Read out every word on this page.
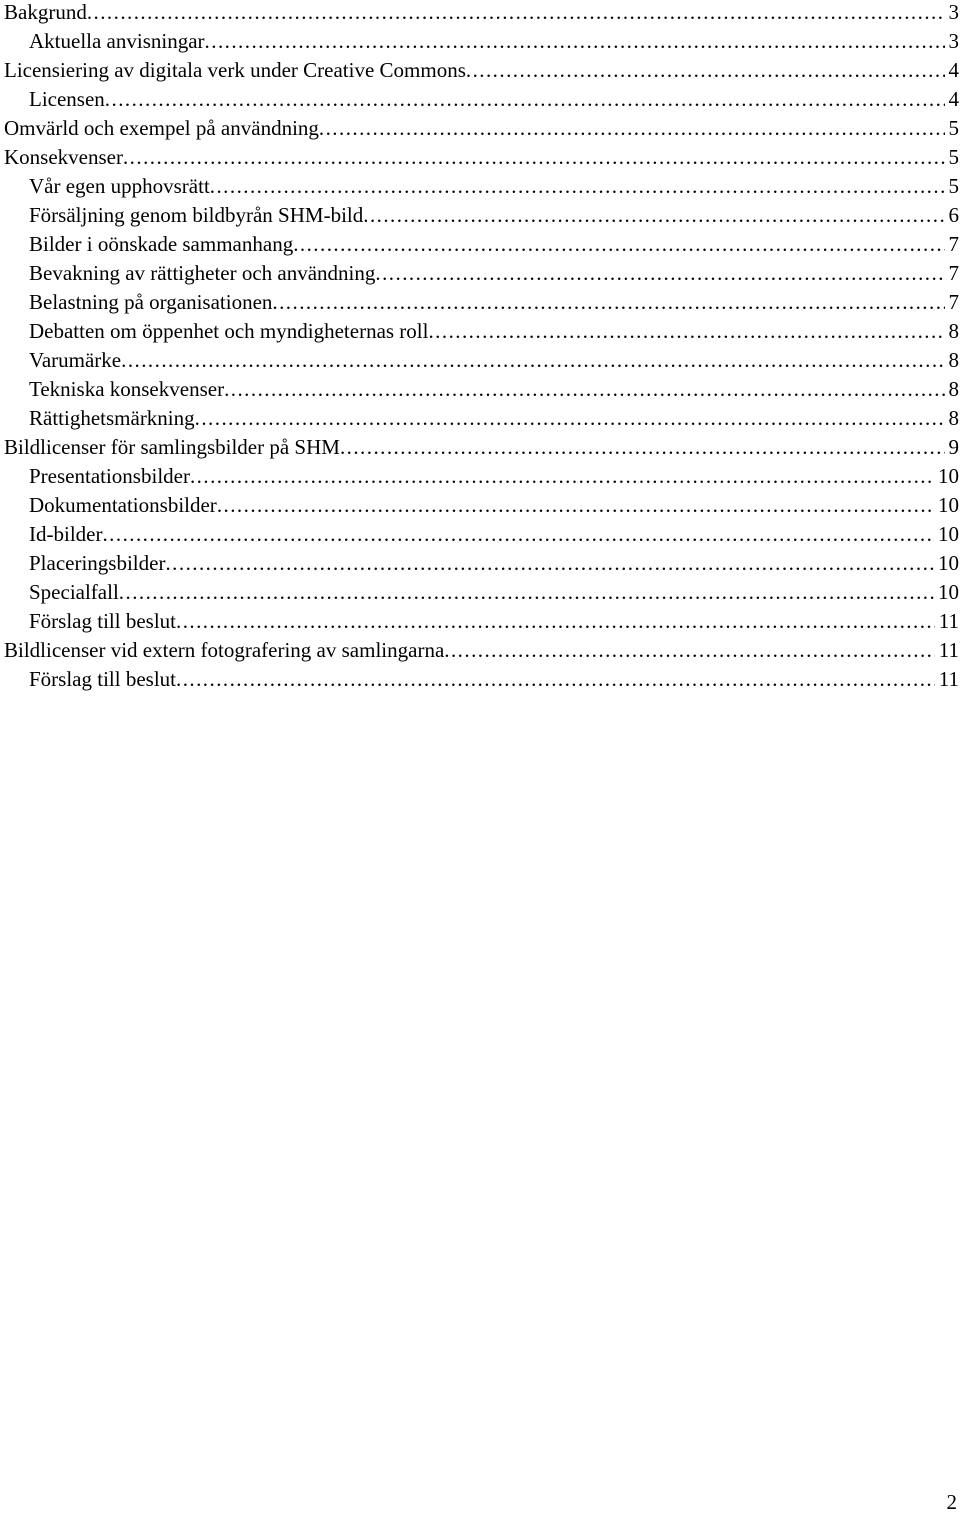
Bakgrund . . .	3
Aktuella anvisningar . . .	3
Licensiering av digitala verk under Creative Commons . . .	4
Licensen . . .	4
Omvärld och exempel på användning . . .	5
Konsekvenser . . .	5
Vår egen upphovsrätt . . .	5
Försäljning genom bildbyrån SHM-bild . . .	6
Bilder i oönskade sammanhang . . .	7
Bevakning av rättigheter och användning . . .	7
Belastning på organisationen . . .	7
Debatten om öppenhet och myndigheternas roll . . .	8
Varumärke . . .	8
Tekniska konsekvenser . . .	8
Rättighetsmärkning . . .	8
Bildlicenser för samlingsbilder på SHM . . .	9
Presentationsbilder . . .	10
Dokumentationsbilder . . .	10
Id-bilder . . .	10
Placeringsbilder . . .	10
Specialfall . . .	10
Förslag till beslut . . .	11
Bildlicenser vid extern fotografering av samlingarna . . .	11
Förslag till beslut . . .	11
2
